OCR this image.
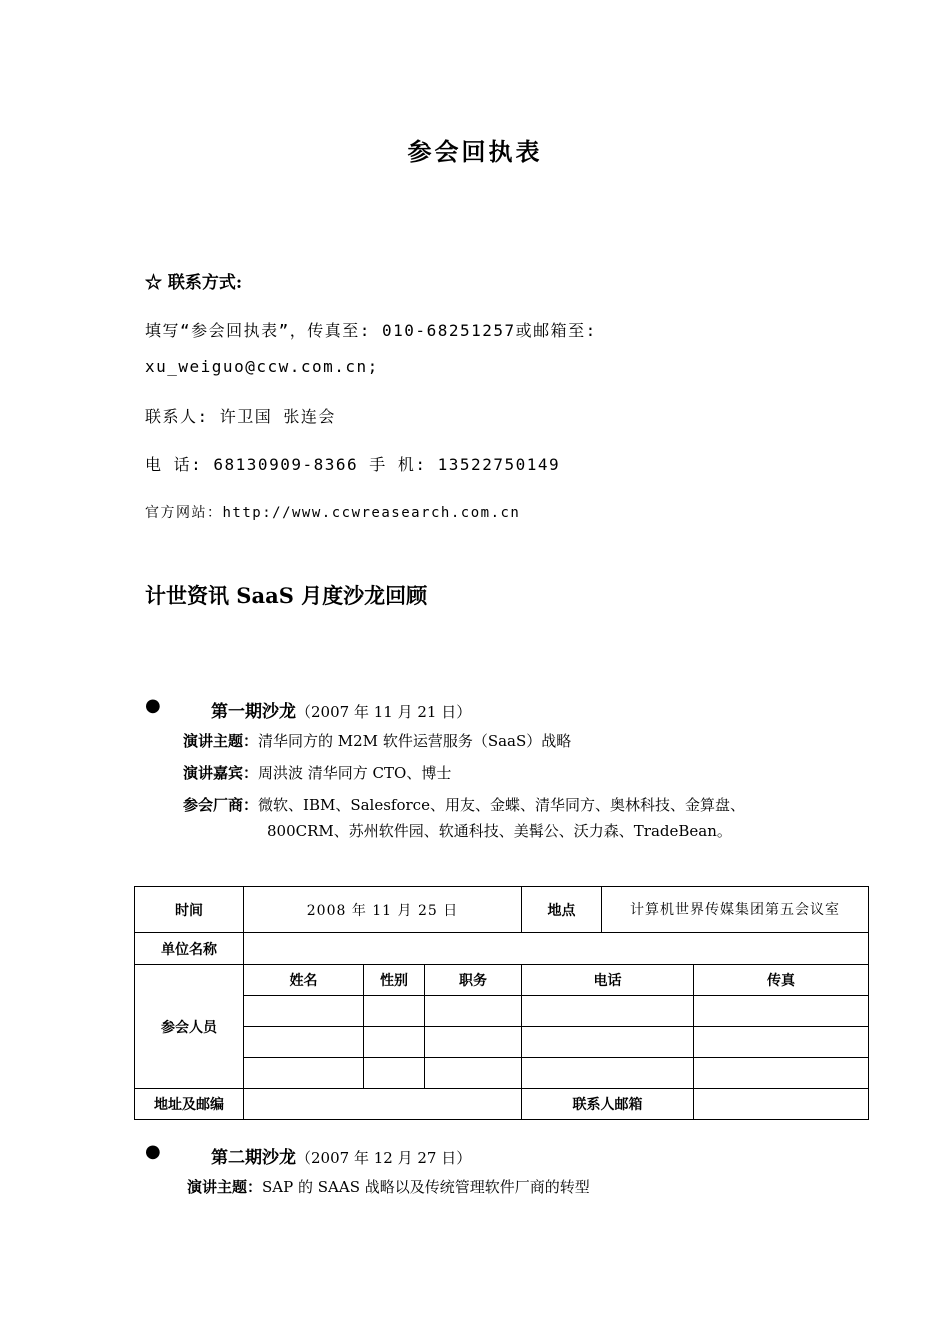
参会回执表
☆ 联系方式:
填写“参会回执表”，传真至: 010-68251257或邮箱至:
xu_weiguo@ccw.com.cn;
联系人: 许卫国 张连会
电 话: 68130909-8366 手 机: 13522750149
官方网站：http://www.ccwreasearch.com.cn
计世资讯 SaaS 月度沙龙回顾
●	第一期沙龙（2007 年 11 月 21 日）
演讲主题：清华同方的 M2M 软件运营服务（SaaS）战略
演讲嘉宾：周洪波 清华同方 CTO、博士
参会厂商：微软、IBM、Salesforce、用友、金蝶、清华同方、奥林科技、金算盘、
800CRM、苏州软件园、软通科技、美髯公、沃力森、TradeBean。
时间	2008 年 11 月 25 日			地点	计算机世界传媒集团第五会议室	
单位名称						
参会人员	姓名	性别	职务	电话		传真

地址及邮编				联系人邮箱		
●	第二期沙龙（2007 年 12 月 27 日）
演讲主题：SAP 的 SAAS 战略以及传统管理软件厂商的转型
